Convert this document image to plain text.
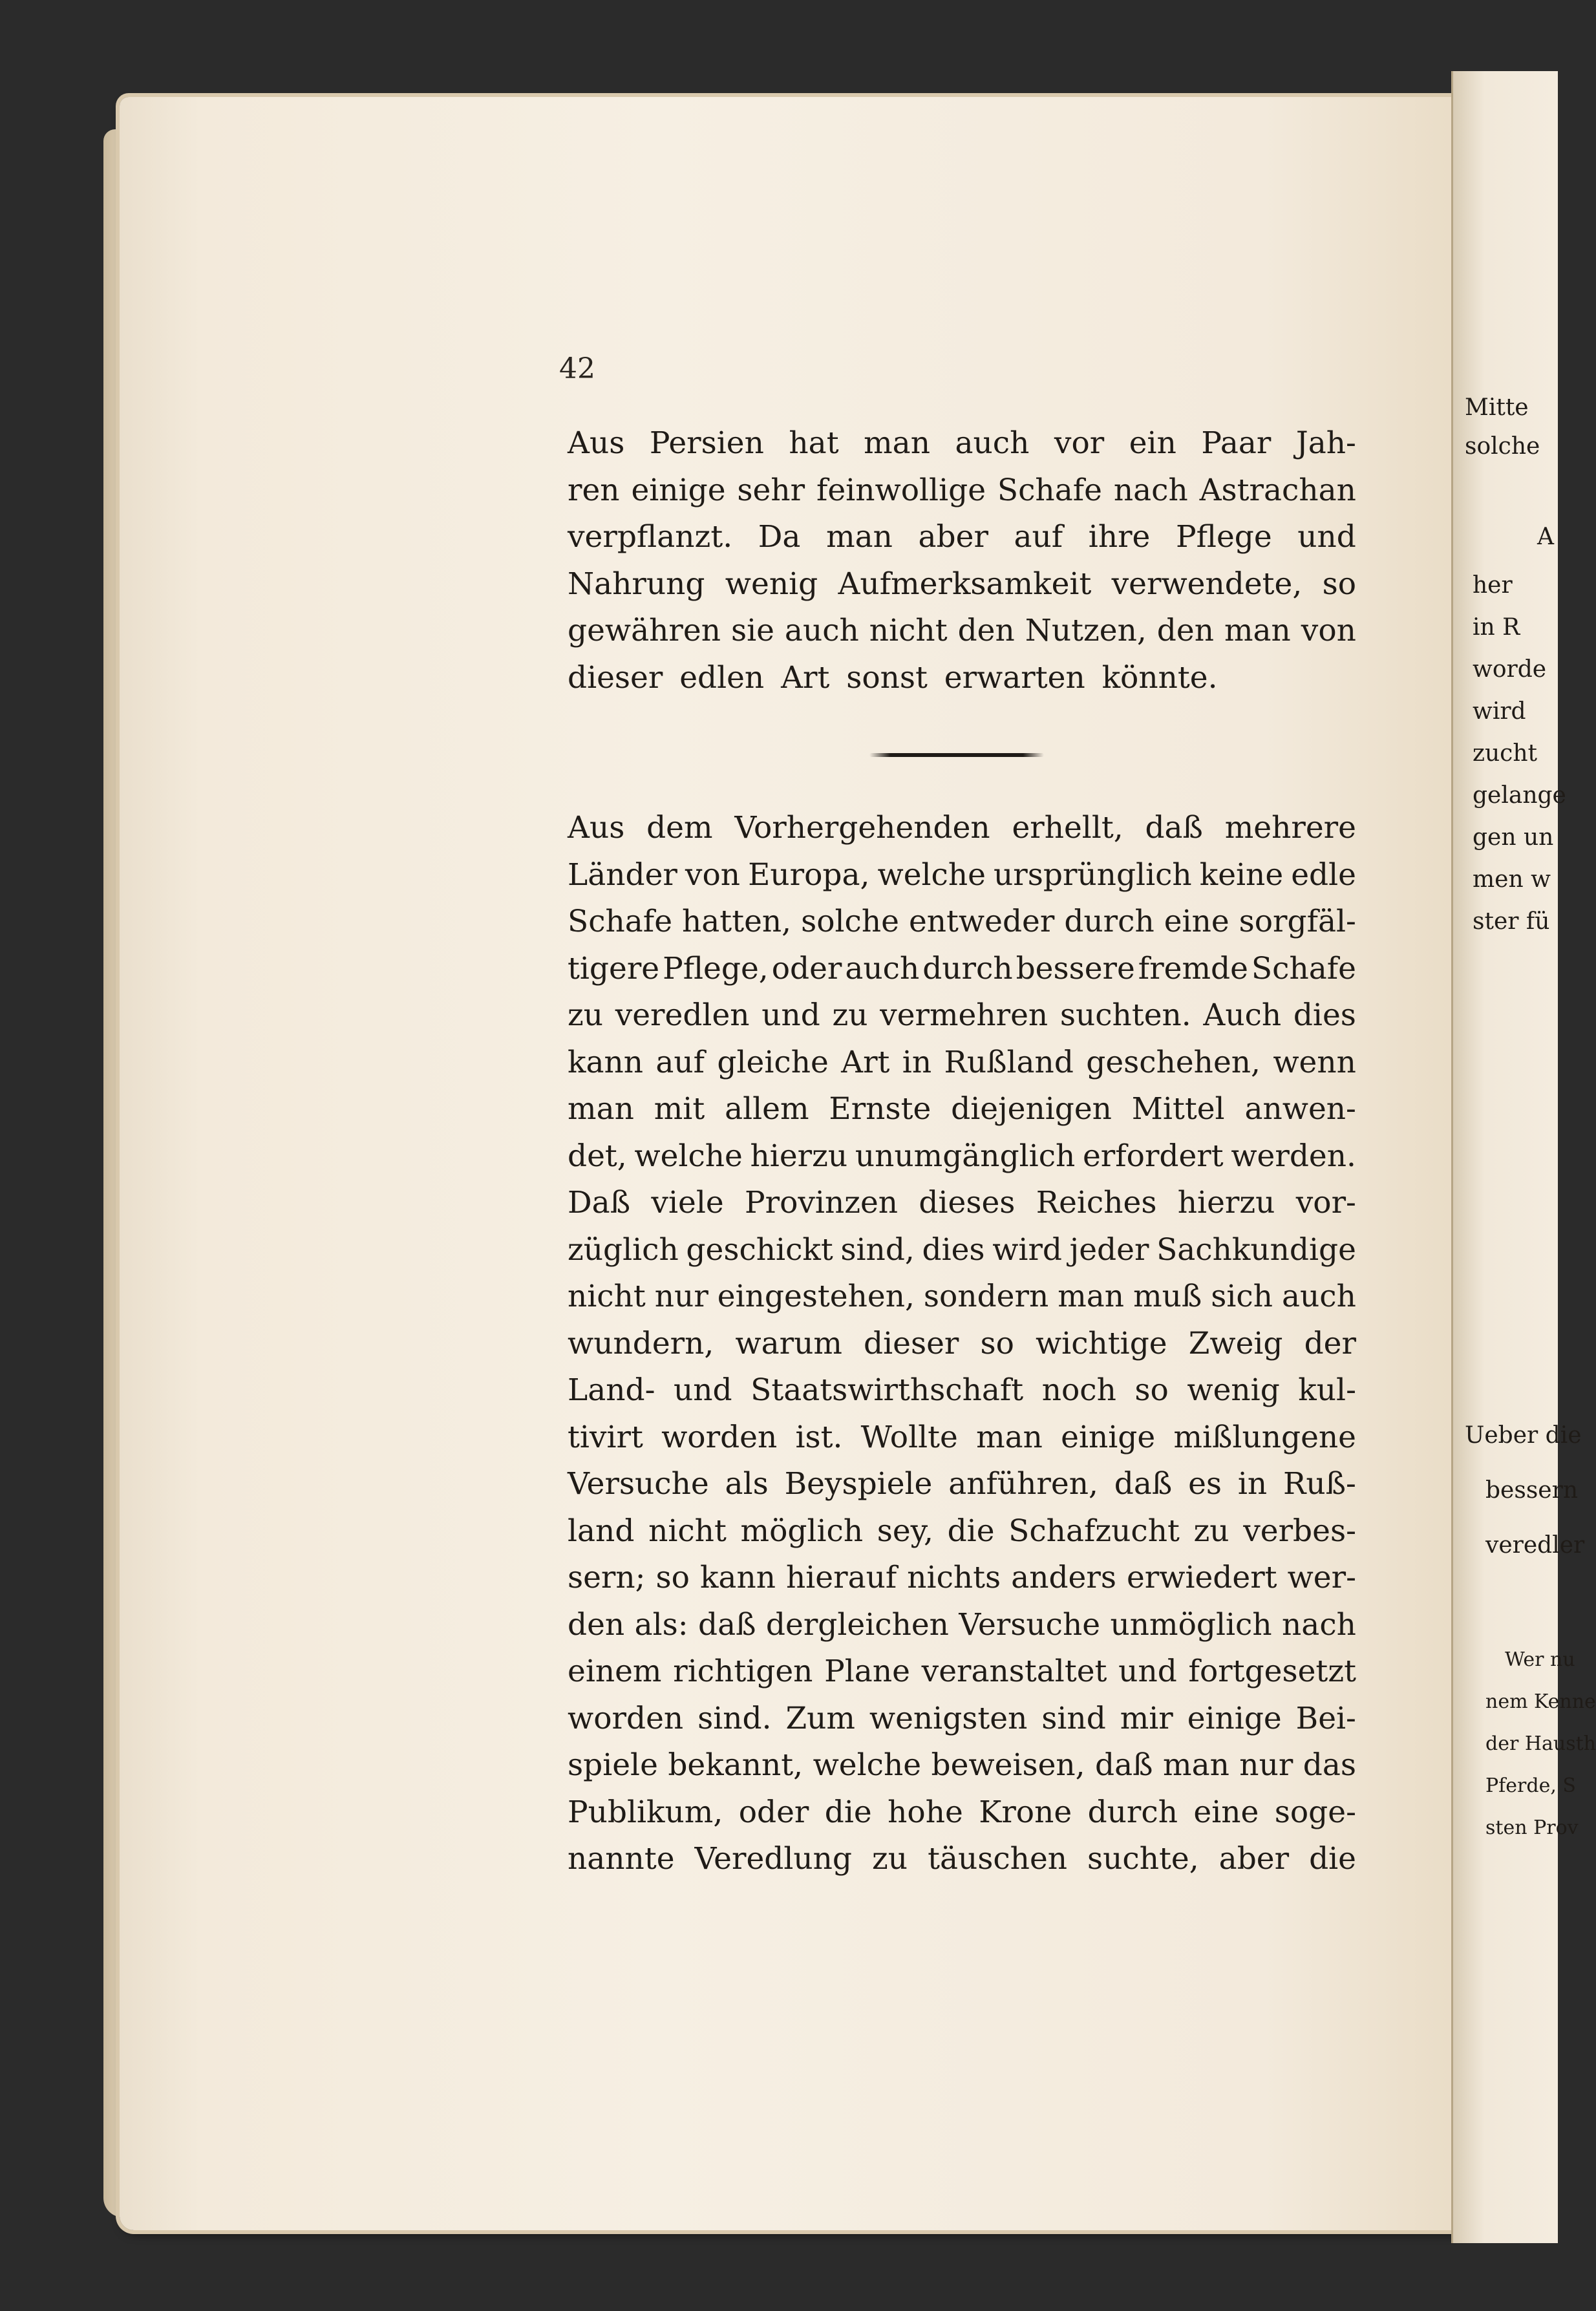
42
Aus Persien hat man auch vor ein Paar Jah-
ren einige sehr feinwollige Schafe nach Astrachan
verpflanzt. Da man aber auf ihre Pflege und
Nahrung wenig Aufmerksamkeit verwendete, so
gewähren sie auch nicht den Nutzen, den man von
dieser edlen Art sonst erwarten könnte.
Aus dem Vorhergehenden erhellt, daß mehrere
Länder von Europa, welche ursprünglich keine edle
Schafe hatten, solche entweder durch eine sorgfäl-
tigere Pflege, oder auch durch bessere fremde Schafe
zu veredlen und zu vermehren suchten. Auch dies
kann auf gleiche Art in Rußland geschehen, wenn
man mit allem Ernste diejenigen Mittel anwen-
det, welche hierzu unumgänglich erfordert werden.
Daß viele Provinzen dieses Reiches hierzu vor-
züglich geschickt sind, dies wird jeder Sachkundige
nicht nur eingestehen, sondern man muß sich auch
wundern, warum dieser so wichtige Zweig der
Land- und Staatswirthschaft noch so wenig kul-
tivirt worden ist. Wollte man einige mißlungene
Versuche als Beyspiele anführen, daß es in Ruß-
land nicht möglich sey, die Schafzucht zu verbes-
sern; so kann hierauf nichts anders erwiedert wer-
den als: daß dergleichen Versuche unmöglich nach
einem richtigen Plane veranstaltet und fortgesetzt
worden sind. Zum wenigsten sind mir einige Bei-
spiele bekannt, welche beweisen, daß man nur das
Publikum, oder die hohe Krone durch eine soge-
nannte Veredlung zu täuschen suchte, aber die
Mitte
solche
A
her
in R
worde
wird
zucht
gelange
gen un
men w
ster fü
Ueber die
bessern
veredler
Wer nu
nem Kenne
der Hausth
Pferde, S
sten Prov
